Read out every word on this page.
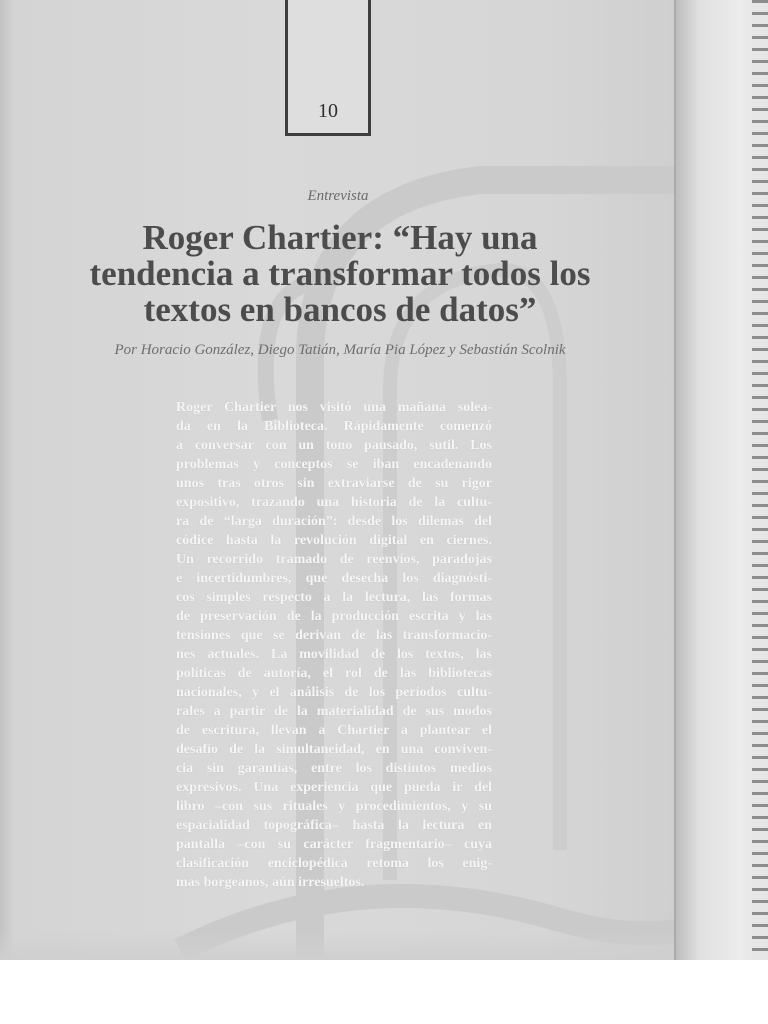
10
Entrevista
Roger Chartier: “Hay una
tendencia a transformar todos los
textos en bancos de datos”
Por Horacio González, Diego Tatián, María Pia López y Sebastián Scolnik

Roger Chartier nos visitó una mañana solea-
da en la Biblioteca. Rápidamente comenzó
a conversar con un tono pausado, sutil. Los
problemas y conceptos se iban encadenando
unos tras otros sin extraviarse de su rigor
expositivo, trazando una historia de la cultu-
ra de “larga duración”: desde los dilemas del
códice hasta la revolución digital en ciernes.
Un recorrido tramado de reenvíos, paradojas
e incertidumbres, que desecha los diagnósti-
cos simples respecto a la lectura, las formas
de preservación de la producción escrita y las
tensiones que se derivan de las transformacio-
nes actuales. La movilidad de los textos, las
políticas de autoría, el rol de las bibliotecas
nacionales, y el análisis de los períodos cultu-
rales a partir de la materialidad de sus modos
de escritura, llevan a Chartier a plantear el
desafío de la simultaneidad, en una conviven-
cia sin garantías, entre los distintos medios
expresivos. Una experiencia que pueda ir del
libro –con sus rituales y procedimientos, y su
espacialidad topográfica– hasta la lectura en
pantalla –con su carácter fragmentario– cuya
clasificación enciclopédica retoma los enig-
mas borgeanos, aún irresueltos.
